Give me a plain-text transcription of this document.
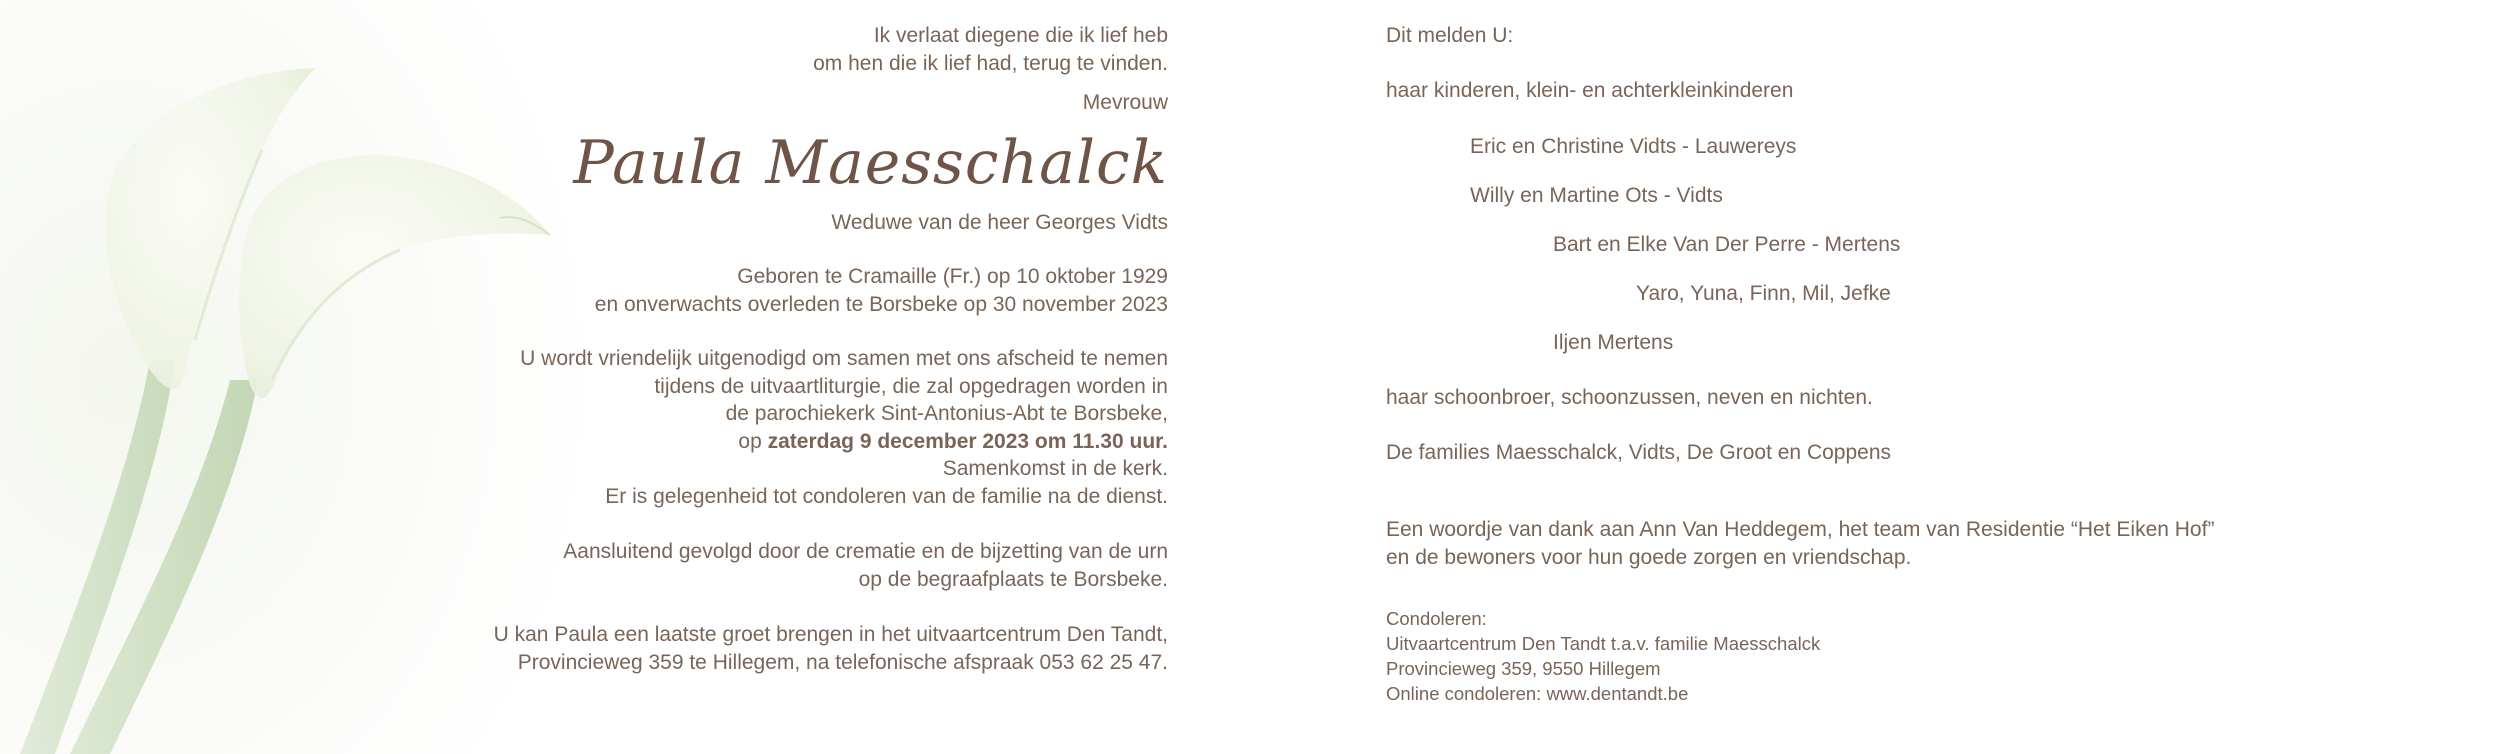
Ik verlaat diegene die ik lief heb

om hen die ik lief had, terug te vinden.

Mevrouw

Paula Maesschalck

Weduwe van de heer Georges Vidts

Geboren te Cramaille (Fr.) op 10 oktober 1929

en onverwachts overleden te Borsbeke op 30 november 2023

U wordt vriendelijk uitgenodigd om samen met ons afscheid te nemen

tijdens de uitvaartliturgie, die zal opgedragen worden in

de parochiekerk Sint-Antonius-Abt te Borsbeke,

op zaterdag 9 december 2023 om 11.30 uur.

Samenkomst in de kerk.

Er is gelegenheid tot condoleren van de familie na de dienst.

Aansluitend gevolgd door de crematie en de bijzetting van de urn

op de begraafplaats te Borsbeke.

U kan Paula een laatste groet brengen in het uitvaartcentrum Den Tandt,

Provincieweg 359 te Hillegem, na telefonische afspraak 053 62 25 47.

Dit melden U:

haar kinderen, klein- en achterkleinkinderen

Eric en Christine Vidts - Lauwereys

Willy en Martine Ots - Vidts

Bart en Elke Van Der Perre - Mertens

Yaro, Yuna, Finn, Mil, Jefke

Iljen Mertens

haar schoonbroer, schoonzussen, neven en nichten.

De families Maesschalck, Vidts, De Groot en Coppens

Een woordje van dank aan Ann Van Heddegem, het team van Residentie “Het Eiken Hof”

en de bewoners voor hun goede zorgen en vriendschap.

Condoleren:

Uitvaartcentrum Den Tandt t.a.v. familie Maesschalck

Provincieweg 359, 9550 Hillegem

Online condoleren: www.dentandt.be
